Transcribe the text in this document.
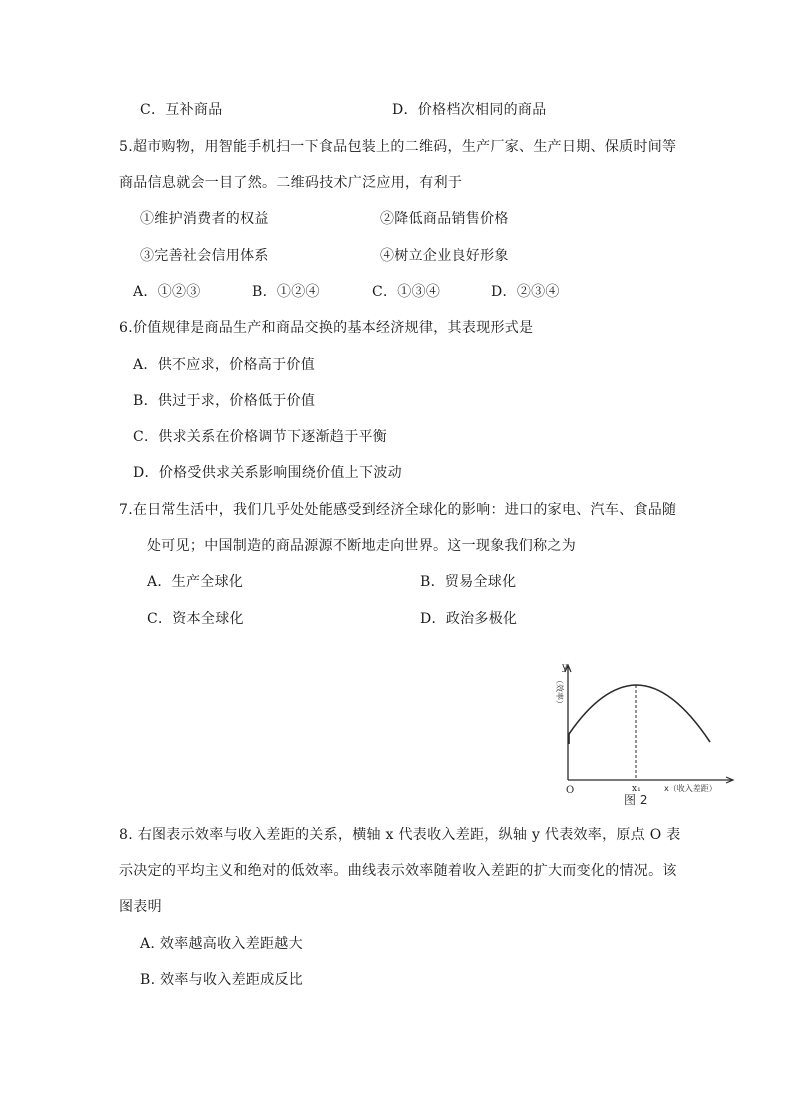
C．互补商品	D．价格档次相同的商品
5.超市购物，用智能手机扫一下食品包装上的二维码，生产厂家、生产日期、保质时间等
商品信息就会一目了然。二维码技术广泛应用，有利于
①维护消费者的权益	②降低商品销售价格
③完善社会信用体系	④树立企业良好形象
A．①②③	B．①②④	C．①③④	D．②③④
6.价值规律是商品生产和商品交换的基本经济规律，其表现形式是
A．供不应求，价格高于价值
B．供过于求，价格低于价值
C．供求关系在价格调节下逐渐趋于平衡
D．价格受供求关系影响围绕价值上下波动
7.在日常生活中，我们几乎处处能感受到经济全球化的影响：进口的家电、汽车、食品随
处可见；中国制造的商品源源不断地走向世界。这一现象我们称之为
A．生产全球化	B．贸易全球化
C．资本全球化	D．政治多极化
y
（效率）
O	x₁	x（收入差距）
图 2
8. 右图表示效率与收入差距的关系，横轴 x 代表收入差距，纵轴 y 代表效率，原点 O 表
示决定的平均主义和绝对的低效率。曲线表示效率随着收入差距的扩大而变化的情况。该
图表明
A. 效率越高收入差距越大
B. 效率与收入差距成反比
